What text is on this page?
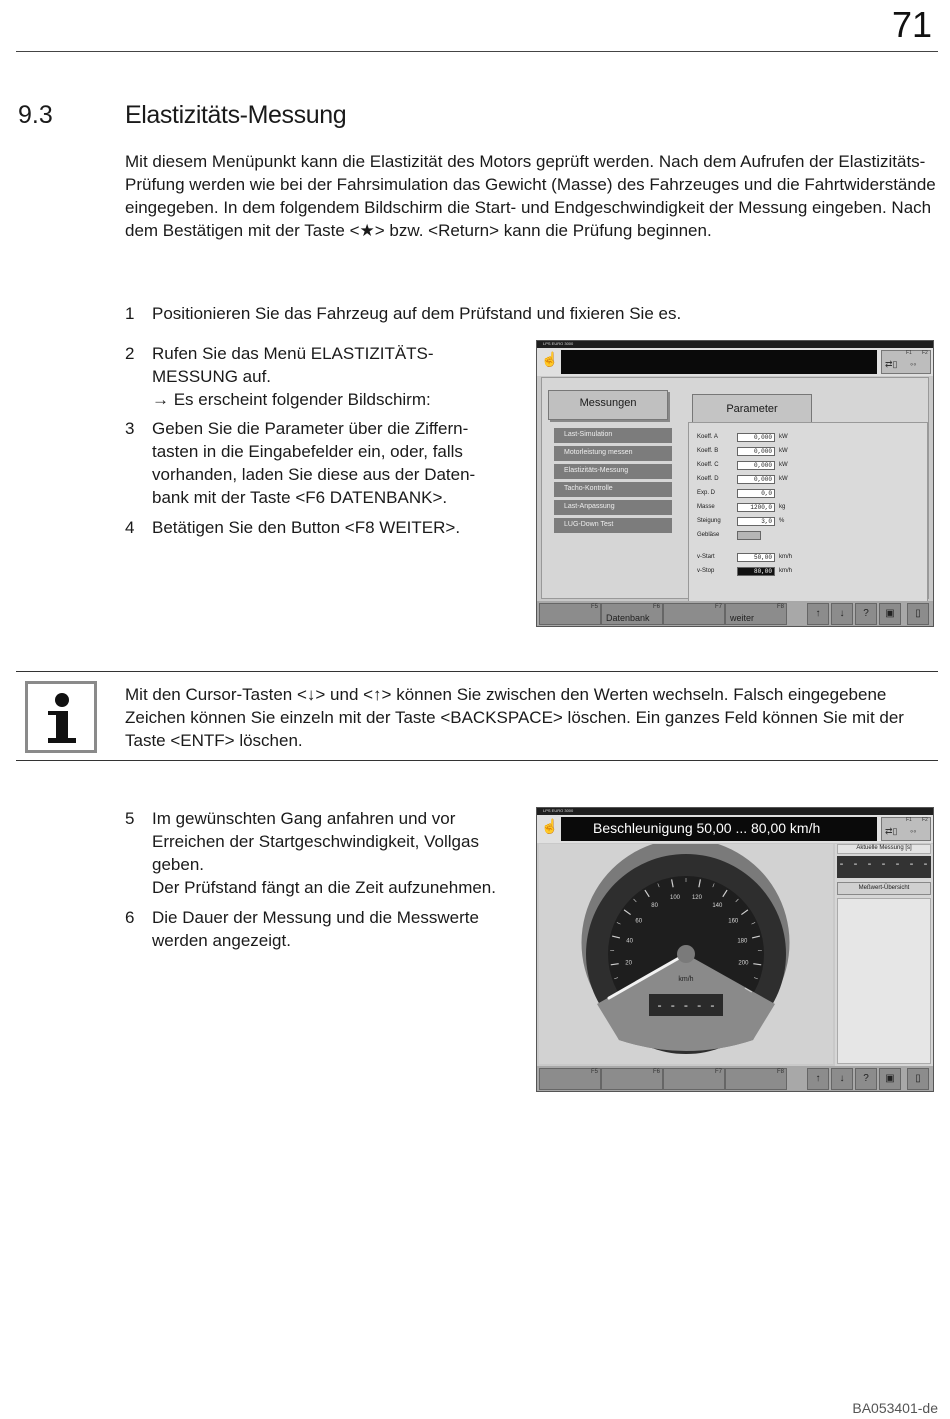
71
9.3	Elastizitäts-Messung
Mit diesem Menüpunkt kann die Elastizität des Motors geprüft werden. Nach dem Aufrufen der Elastizitäts-Prüfung werden wie bei der Fahrsimulation das Gewicht (Masse) des Fahrzeuges und die Fahrtwiderstände eingegeben. In dem folgendem Bildschirm die Start- und Endgeschwindigkeit der Messung eingeben. Nach dem Bestätigen mit der Taste <★> bzw. <Return> kann die Prüfung beginnen.
1	Positionieren Sie das Fahrzeug auf dem Prüfstand und fixieren Sie es.
2	Rufen Sie das Menü ELASTIZITÄTS-
MESSUNG auf.
→ Es erscheint folgender Bildschirm:
3	Geben Sie die Parameter über die Ziffern-
tasten in die Eingabefelder ein, oder, falls
vorhanden, laden Sie diese aus der Daten-
bank mit der Taste <F6 DATENBANK>.
4	Betätigen Sie den Button <F8 WEITER>.
LPS EURO 3000
☝	F1 F2
⇄▯ ◦◦
Messungen
Last-Simulation
Motorleistung messen
Elastizitäts-Messung
Tacho-Kontrolle
Last-Anpassung
LUG-Down Test
Parameter
Koeff. A	0,000	kW
Koeff. B	0,000	kW
Koeff. C	0,000	kW
Koeff. D	0,000	kW
Exp. D	0,0
Masse	1200,0	kg
Steigung	3,0	%
Gebläse
v-Start	50,00	km/h
v-Stop	80,00	km/h
F5	F6
Datenbank
F7	F8
weiter	↑	↓	?	▣	▯
Mit den Cursor-Tasten <↓> und <↑> können Sie zwischen den Werten wechseln. Falsch eingegebene Zeichen können Sie einzeln mit der Taste <BACKSPACE> löschen. Ein ganzes Feld können Sie mit der Taste <ENTF> löschen.
5	Im gewünschten Gang anfahren und vor
Erreichen der Startgeschwindigkeit, Vollgas
geben.
Der Prüfstand fängt an die Zeit aufzunehmen.
6	Die Dauer der Messung und die Messwerte
werden angezeigt.
LPS EURO 3000
☝	Beschleunigung 50,00 ... 80,00 km/h	F1 F2
⇄▯ ◦◦
20
40
60
80
100 120
140
160
180
200
km/h
- - - - -
Aktuelle Messung [s]
- - - - - - -
Meßwert-Übersicht
F5	F6	F7	F8
↑	↓	?	▣	▯
BA053401-de
